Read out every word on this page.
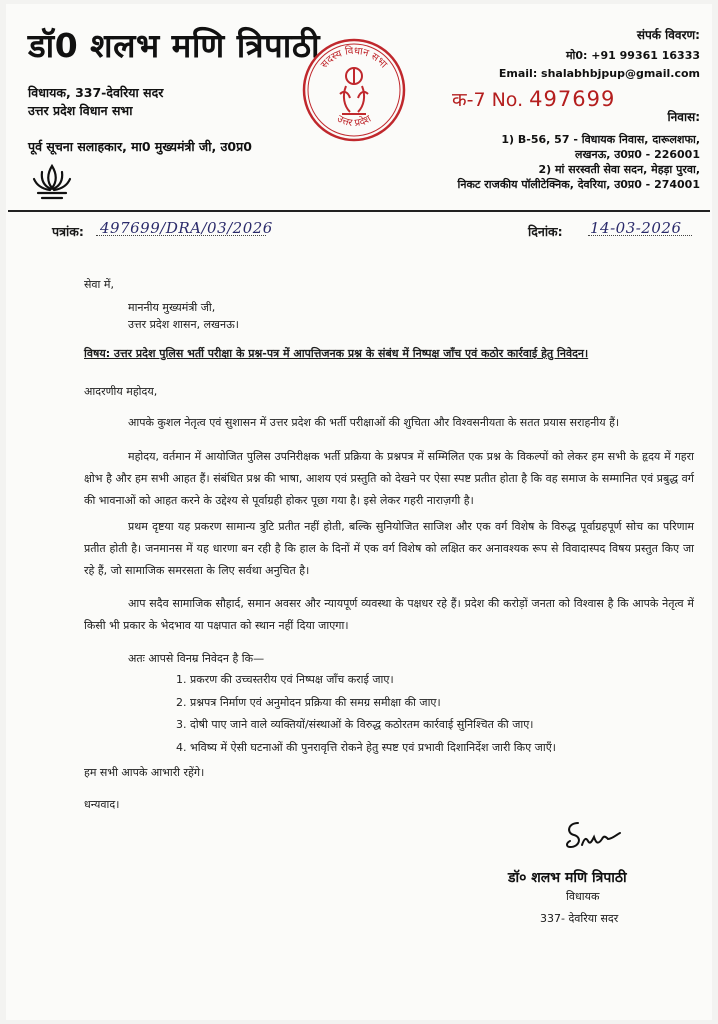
डॉ0 शलभ मणि त्रिपाठी
विधायक, 337-देवरिया सदर
उत्तर प्रदेश विधान सभा
पूर्व सूचना सलाहकार, मा0 मुख्यमंत्री जी, उ0प्र0
सदस्य विधान सभा
उत्तर प्रदेश
संपर्क विवरण:
मो0: +91 99361 16333
Email: shalabhbjpup@gmail.com
क-7 No. 497699
निवास:
1) B-56, 57 - विधायक निवास, दारूलशफा,
लखनऊ, उ0प्र0 - 226001
2) मां सरस्वती सेवा सदन, मेहड़ा पुरवा,
निकट राजकीय पॉलीटेक्निक, देवरिया, उ0प्र0 - 274001
पत्रांक: 497699/DRA/03/2026	दिनांक: 14-03-2026
सेवा में,
माननीय मुख्यमंत्री जी,
उत्तर प्रदेश शासन, लखनऊ।
विषय: उत्तर प्रदेश पुलिस भर्ती परीक्षा के प्रश्न-पत्र में आपत्तिजनक प्रश्न के संबंध में निष्पक्ष जाँच एवं कठोर कार्रवाई हेतु निवेदन।
आदरणीय महोदय,
आपके कुशल नेतृत्व एवं सुशासन में उत्तर प्रदेश की भर्ती परीक्षाओं की शुचिता और विश्वसनीयता के सतत प्रयास सराहनीय हैं।
महोदय, वर्तमान में आयोजित पुलिस उपनिरीक्षक भर्ती प्रक्रिया के प्रश्नपत्र में सम्मिलित एक प्रश्न के विकल्पों को लेकर हम सभी के हृदय में गहरा क्षोभ है और हम सभी आहत हैं। संबंधित प्रश्न की भाषा, आशय एवं प्रस्तुति को देखने पर ऐसा स्पष्ट प्रतीत होता है कि वह समाज के सम्मानित एवं प्रबुद्ध वर्ग की भावनाओं को आहत करने के उद्देश्य से पूर्वाग्रही होकर पूछा गया है। इसे लेकर गहरी नाराज़गी है।
प्रथम दृष्टया यह प्रकरण सामान्य त्रुटि प्रतीत नहीं होती, बल्कि सुनियोजित साजिश और एक वर्ग विशेष के विरुद्ध पूर्वाग्रहपूर्ण सोच का परिणाम प्रतीत होती है। जनमानस में यह धारणा बन रही है कि हाल के दिनों में एक वर्ग विशेष को लक्षित कर अनावश्यक रूप से विवादास्पद विषय प्रस्तुत किए जा रहे हैं, जो सामाजिक समरसता के लिए सर्वथा अनुचित है।
आप सदैव सामाजिक सौहार्द, समान अवसर और न्यायपूर्ण व्यवस्था के पक्षधर रहे हैं। प्रदेश की करोड़ों जनता को विश्वास है कि आपके नेतृत्व में किसी भी प्रकार के भेदभाव या पक्षपात को स्थान नहीं दिया जाएगा।
अतः आपसे विनम्र निवेदन है कि—
1. प्रकरण की उच्चस्तरीय एवं निष्पक्ष जाँच कराई जाए।
2. प्रश्नपत्र निर्माण एवं अनुमोदन प्रक्रिया की समग्र समीक्षा की जाए।
3. दोषी पाए जाने वाले व्यक्तियों/संस्थाओं के विरुद्ध कठोरतम कार्रवाई सुनिश्चित की जाए।
4. भविष्य में ऐसी घटनाओं की पुनरावृत्ति रोकने हेतु स्पष्ट एवं प्रभावी दिशानिर्देश जारी किए जाएँ।
हम सभी आपके आभारी रहेंगे।
धन्यवाद।
डॉ० शलभ मणि त्रिपाठी
विधायक
337- देवरिया सदर
